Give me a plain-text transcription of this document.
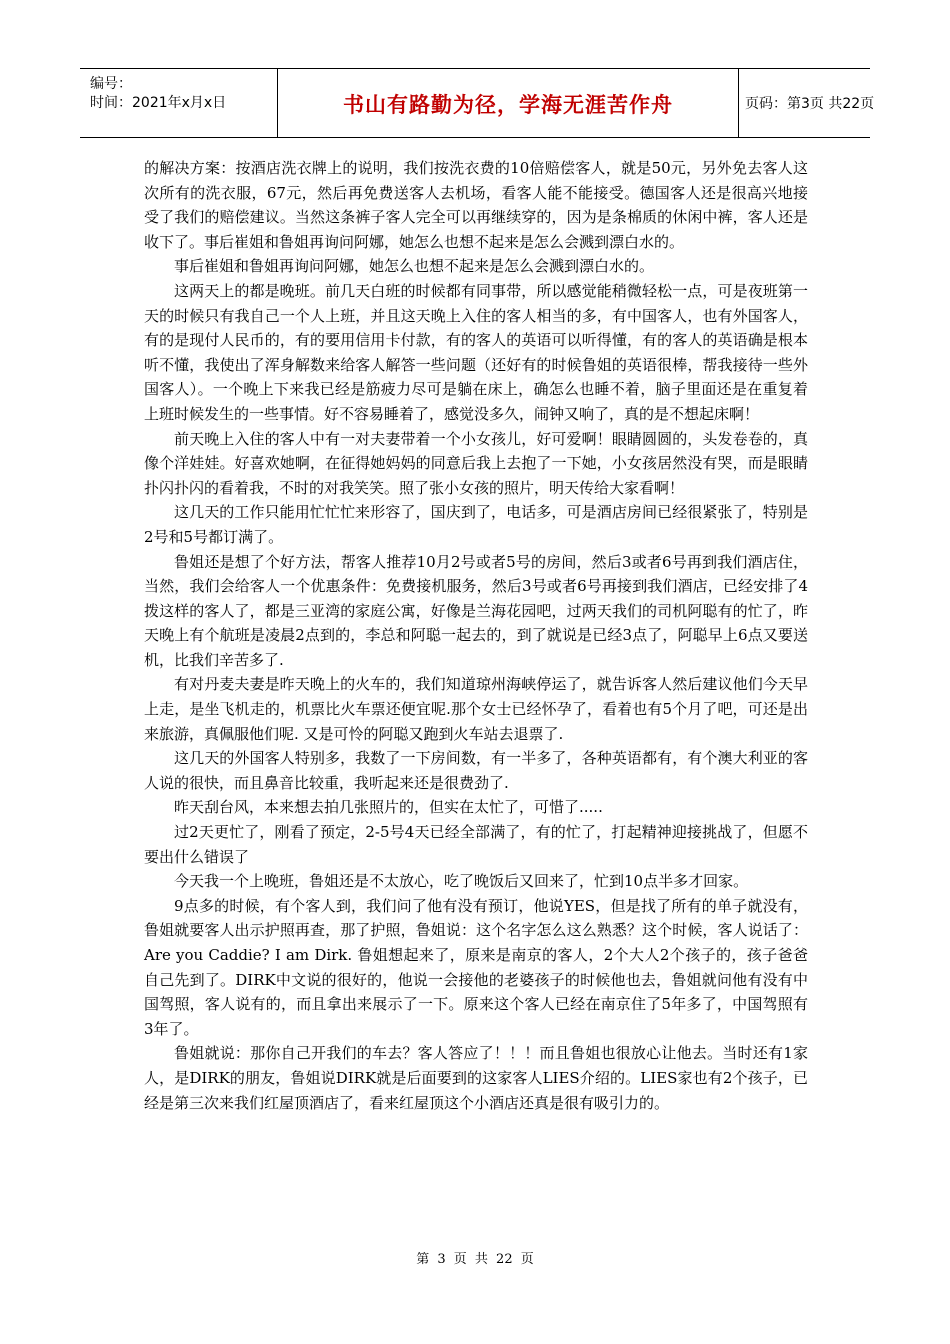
编号：
时间：2021年x月x日	书山有路勤为径，学海无涯苦作舟	页码：第3页 共22页

的解决方案：按酒店洗衣牌上的说明，我们按洗衣费的10倍赔偿客人，就是50元，另外免去客人这次所有的洗衣服，67元，然后再免费送客人去机场，看客人能不能接受。德国客人还是很高兴地接受了我们的赔偿建议。当然这条裤子客人完全可以再继续穿的，因为是条棉质的休闲中裤，客人还是收下了。事后崔姐和鲁姐再询问阿娜，她怎么也想不起来是怎么会溅到漂白水的。

事后崔姐和鲁姐再询问阿娜，她怎么也想不起来是怎么会溅到漂白水的。

这两天上的都是晚班。前几天白班的时候都有同事带，所以感觉能稍微轻松一点，可是夜班第一天的时候只有我自己一个人上班，并且这天晚上入住的客人相当的多，有中国客人，也有外国客人，有的是现付人民币的，有的要用信用卡付款，有的客人的英语可以听得懂，有的客人的英语确是根本听不懂，我使出了浑身解数来给客人解答一些问题（还好有的时候鲁姐的英语很棒，帮我接待一些外国客人）。一个晚上下来我已经是筋疲力尽可是躺在床上，确怎么也睡不着，脑子里面还是在重复着上班时候发生的一些事情。好不容易睡着了，感觉没多久，闹钟又响了，真的是不想起床啊！

前天晚上入住的客人中有一对夫妻带着一个小女孩儿，好可爱啊！眼睛圆圆的，头发卷卷的，真像个洋娃娃。好喜欢她啊，在征得她妈妈的同意后我上去抱了一下她，小女孩居然没有哭，而是眼睛扑闪扑闪的看着我，不时的对我笑笑。照了张小女孩的照片，明天传给大家看啊！

这几天的工作只能用忙忙忙来形容了，国庆到了，电话多，可是酒店房间已经很紧张了，特别是2号和5号都订满了。

鲁姐还是想了个好方法，帮客人推荐10月2号或者5号的房间，然后3或者6号再到我们酒店住，当然，我们会给客人一个优惠条件：免费接机服务，然后3号或者6号再接到我们酒店，已经安排了4拨这样的客人了，都是三亚湾的家庭公寓，好像是兰海花园吧，过两天我们的司机阿聪有的忙了，昨天晚上有个航班是凌晨2点到的，李总和阿聪一起去的，到了就说是已经3点了，阿聪早上6点又要送机，比我们辛苦多了.

有对丹麦夫妻是昨天晚上的火车的，我们知道琼州海峡停运了，就告诉客人然后建议他们今天早上走，是坐飞机走的，机票比火车票还便宜呢.那个女士已经怀孕了，看着也有5个月了吧，可还是出来旅游，真佩服他们呢. 又是可怜的阿聪又跑到火车站去退票了.

这几天的外国客人特别多，我数了一下房间数，有一半多了，各种英语都有，有个澳大利亚的客人说的很快，而且鼻音比较重，我听起来还是很费劲了.

昨天刮台风，本来想去拍几张照片的，但实在太忙了，可惜了.....

过2天更忙了，刚看了预定，2-5号4天已经全部满了，有的忙了，打起精神迎接挑战了，但愿不要出什么错误了

今天我一个上晚班，鲁姐还是不太放心，吃了晚饭后又回来了，忙到10点半多才回家。

9点多的时候，有个客人到，我们问了他有没有预订，他说YES，但是找了所有的单子就没有，鲁姐就要客人出示护照再查，那了护照，鲁姐说：这个名字怎么这么熟悉？这个时候，客人说话了：Are you Caddie? I am Dirk. 鲁姐想起来了，原来是南京的客人，2个大人2个孩子的，孩子爸爸自己先到了。DIRK中文说的很好的，他说一会接他的老婆孩子的时候他也去，鲁姐就问他有没有中国驾照，客人说有的，而且拿出来展示了一下。原来这个客人已经在南京住了5年多了，中国驾照有3年了。

鲁姐就说：那你自己开我们的车去？客人答应了！！！而且鲁姐也很放心让他去。当时还有1家人，是DIRK的朋友，鲁姐说DIRK就是后面要到的这家客人LIES介绍的。LIES家也有2个孩子，已经是第三次来我们红屋顶酒店了，看来红屋顶这个小酒店还真是很有吸引力的。

第 3 页 共 22 页
